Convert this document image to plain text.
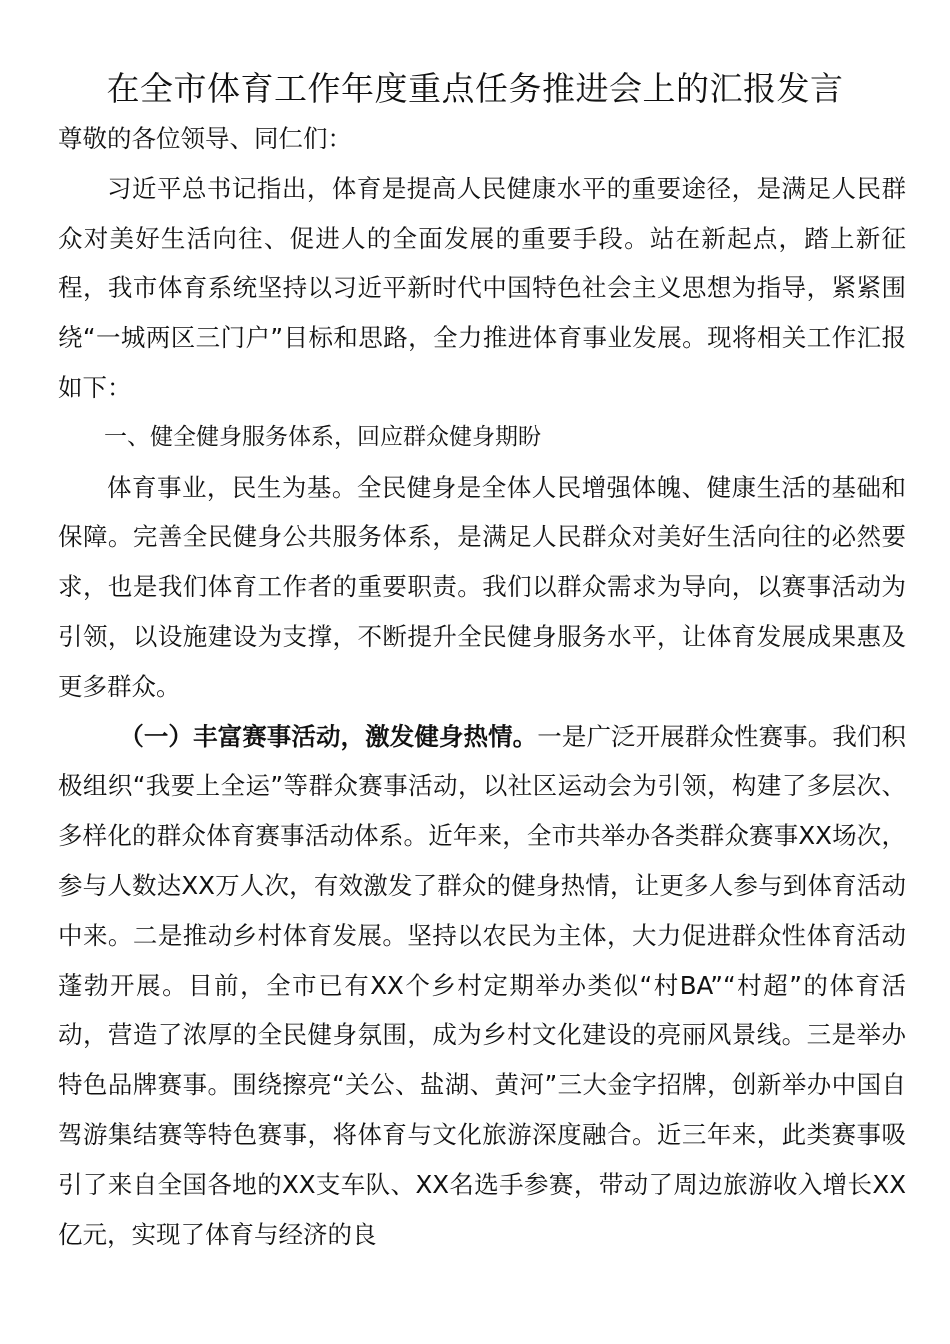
在全市体育工作年度重点任务推进会上的汇报发言

尊敬的各位领导、同仁们：

习近平总书记指出，体育是提高人民健康水平的重要途径，是满足人民群众对美好生活向往、促进人的全面发展的重要手段。站在新起点，踏上新征程，我市体育系统坚持以习近平新时代中国特色社会主义思想为指导，紧紧围绕“一城两区三门户”目标和思路，全力推进体育事业发展。现将相关工作汇报如下：

一、健全健身服务体系，回应群众健身期盼

体育事业，民生为基。全民健身是全体人民增强体魄、健康生活的基础和保障。完善全民健身公共服务体系，是满足人民群众对美好生活向往的必然要求，也是我们体育工作者的重要职责。我们以群众需求为导向，以赛事活动为引领，以设施建设为支撑，不断提升全民健身服务水平，让体育发展成果惠及更多群众。

（一）丰富赛事活动，激发健身热情。一是广泛开展群众性赛事。我们积极组织“我要上全运”等群众赛事活动，以社区运动会为引领，构建了多层次、多样化的群众体育赛事活动体系。近年来，全市共举办各类群众赛事XX场次，参与人数达XX万人次，有效激发了群众的健身热情，让更多人参与到体育活动中来。二是推动乡村体育发展。坚持以农民为主体，大力促进群众性体育活动蓬勃开展。目前，全市已有XX个乡村定期举办类似“村BA”“村超”的体育活动，营造了浓厚的全民健身氛围，成为乡村文化建设的亮丽风景线。三是举办特色品牌赛事。围绕擦亮“关公、盐湖、黄河”三大金字招牌，创新举办中国自驾游集结赛等特色赛事，将体育与文化旅游深度融合。近三年来，此类赛事吸引了来自全国各地的XX支车队、XX名选手参赛，带动了周边旅游收入增长XX亿元，实现了体育与经济的良
